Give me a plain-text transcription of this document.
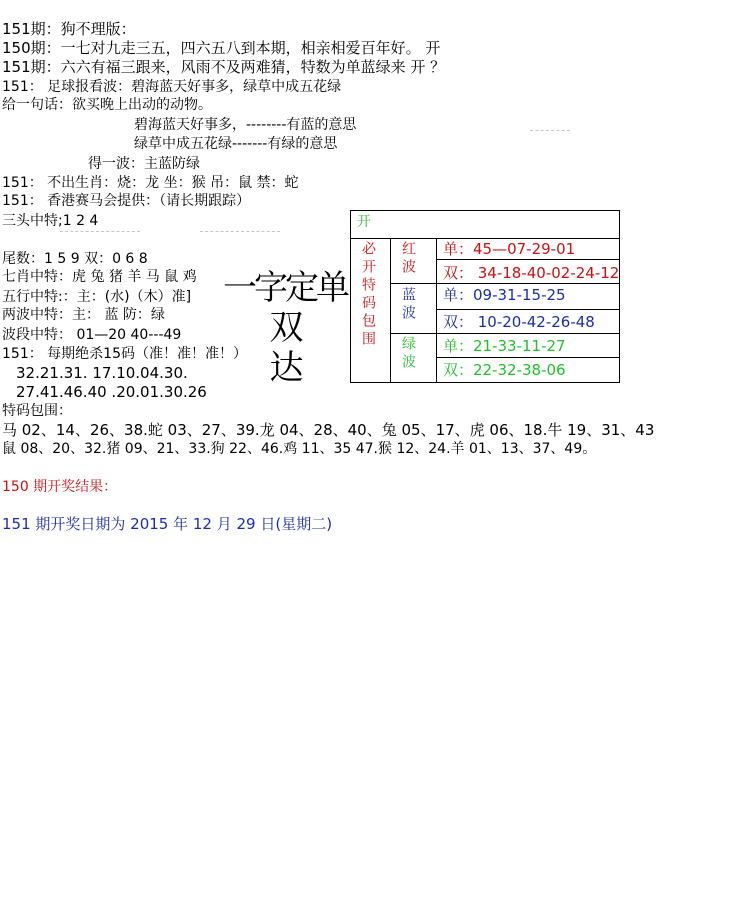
151期：狗不理版：
150期：一七对九走三五，四六五八到本期，相亲相爱百年好。 开
151期：六六有福三跟来，风雨不及两难猜，特数为单蓝绿来 开 ？
151： 足球报看波：碧海蓝天好事多，绿草中成五花绿
给一句话：欲买晚上出动的动物。
碧海蓝天好事多，--------有蓝的意思
绿草中成五花绿-------有绿的意思
得一波：主蓝防绿
151： 不出生肖：烧：龙 坐：猴 吊：鼠 禁：蛇
151： 香港赛马会提供：（请长期跟踪）
三头中特;1 2 4
尾数：1 5 9 双：0 6 8
七肖中特：虎 兔 猪 羊 马 鼠 鸡
五行中特:：主：(水)（木）准]
两波中特：主： 蓝 防：绿
波段中特： 01—20 40---49
151： 每期绝杀15码（准！准！准！）
32.21.31. 17.10.04.30.
27.41.46.40 .20.01.30.26
特码包围：
马 02、14、26、38.蛇 03、27、39.龙 04、28、40、兔 05、17、虎 06、18.牛 19、31、43
鼠 08、20、32.猪 09、21、33.狗 22、46.鸡 11、35 47.猴 12、24.羊 01、13、37、49。
150 期开奖结果：
151 期开奖日期为 2015 年 12 月 29 日(星期二)
一字定单双
达
开
必开特码包围 红波
蓝波
绿波
单：45—07-29-01
双： 34-18-40-02-24-12
单：09-31-15-25
双： 10-20-42-26-48
单：21-33-11-27
双：22-32-38-06
